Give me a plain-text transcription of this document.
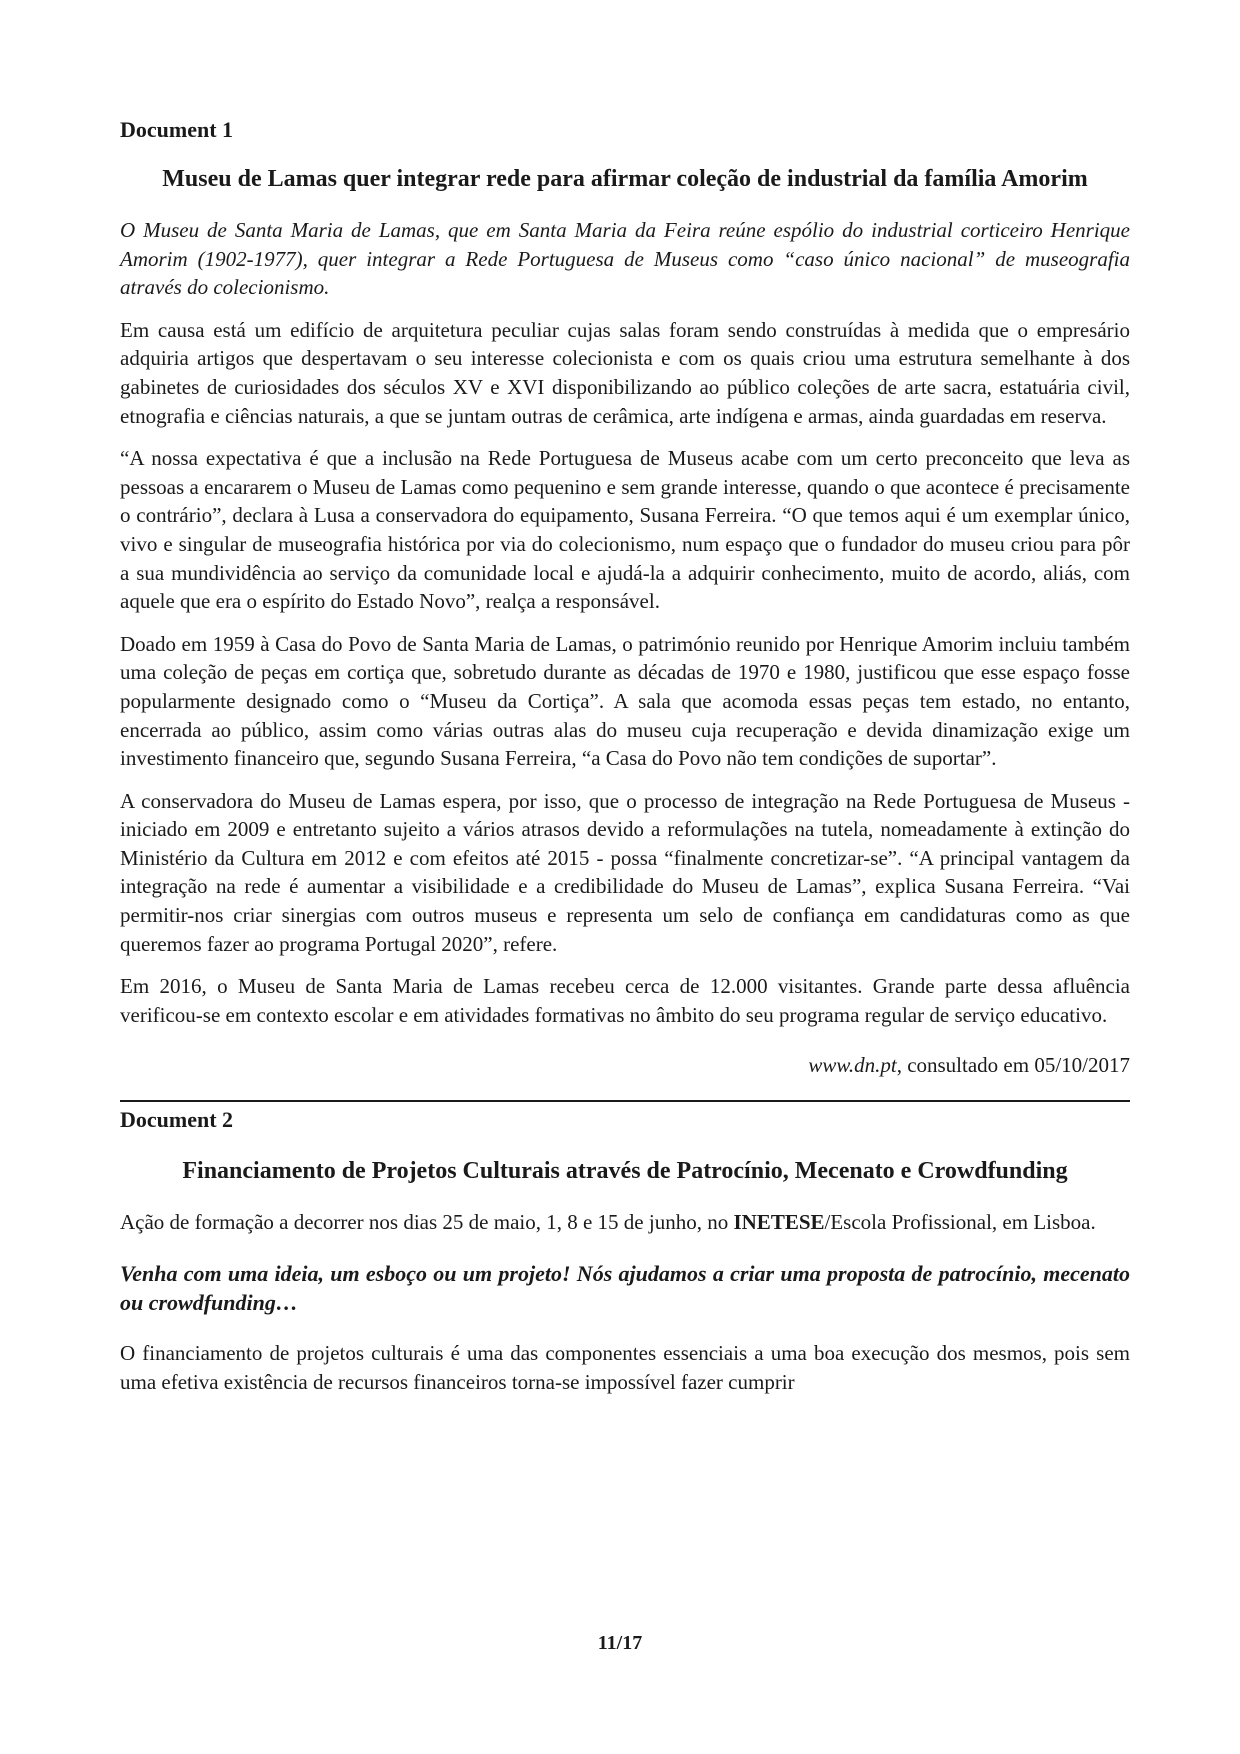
Document 1

Museu de Lamas quer integrar rede para afirmar coleção de industrial da família Amorim

O Museu de Santa Maria de Lamas, que em Santa Maria da Feira reúne espólio do industrial corticeiro Henrique Amorim (1902-1977), quer integrar a Rede Portuguesa de Museus como “caso único nacional” de museografia através do colecionismo.

Em causa está um edifício de arquitetura peculiar cujas salas foram sendo construídas à medida que o empresário adquiria artigos que despertavam o seu interesse colecionista e com os quais criou uma estrutura semelhante à dos gabinetes de curiosidades dos séculos XV e XVI disponibilizando ao público coleções de arte sacra, estatuária civil, etnografia e ciências naturais, a que se juntam outras de cerâmica, arte indígena e armas, ainda guardadas em reserva.

“A nossa expectativa é que a inclusão na Rede Portuguesa de Museus acabe com um certo preconceito que leva as pessoas a encararem o Museu de Lamas como pequenino e sem grande interesse, quando o que acontece é precisamente o contrário”, declara à Lusa a conservadora do equipamento, Susana Ferreira. “O que temos aqui é um exemplar único, vivo e singular de museografia histórica por via do colecionismo, num espaço que o fundador do museu criou para pôr a sua mundividência ao serviço da comunidade local e ajudá-la a adquirir conhecimento, muito de acordo, aliás, com aquele que era o espírito do Estado Novo”, realça a responsável.

Doado em 1959 à Casa do Povo de Santa Maria de Lamas, o património reunido por Henrique Amorim incluiu também uma coleção de peças em cortiça que, sobretudo durante as décadas de 1970 e 1980, justificou que esse espaço fosse popularmente designado como o “Museu da Cortiça”. A sala que acomoda essas peças tem estado, no entanto, encerrada ao público, assim como várias outras alas do museu cuja recuperação e devida dinamização exige um investimento financeiro que, segundo Susana Ferreira, “a Casa do Povo não tem condições de suportar”.

A conservadora do Museu de Lamas espera, por isso, que o processo de integração na Rede Portuguesa de Museus - iniciado em 2009 e entretanto sujeito a vários atrasos devido a reformulações na tutela, nomeadamente à extinção do Ministério da Cultura em 2012 e com efeitos até 2015 - possa “finalmente concretizar-se”. “A principal vantagem da integração na rede é aumentar a visibilidade e a credibilidade do Museu de Lamas”, explica Susana Ferreira. “Vai permitir-nos criar sinergias com outros museus e representa um selo de confiança em candidaturas como as que queremos fazer ao programa Portugal 2020”, refere.

Em 2016, o Museu de Santa Maria de Lamas recebeu cerca de 12.000 visitantes. Grande parte dessa afluência verificou-se em contexto escolar e em atividades formativas no âmbito do seu programa regular de serviço educativo.

www.dn.pt, consultado em 05/10/2017

Document 2

Financiamento de Projetos Culturais através de Patrocínio, Mecenato e Crowdfunding

Ação de formação a decorrer nos dias 25 de maio, 1, 8 e 15 de junho, no INETESE/Escola Profissional, em Lisboa.

Venha com uma ideia, um esboço ou um projeto! Nós ajudamos a criar uma proposta de patrocínio, mecenato ou crowdfunding…

O financiamento de projetos culturais é uma das componentes essenciais a uma boa execução dos mesmos, pois sem uma efetiva existência de recursos financeiros torna-se impossível fazer cumprir

11/17
